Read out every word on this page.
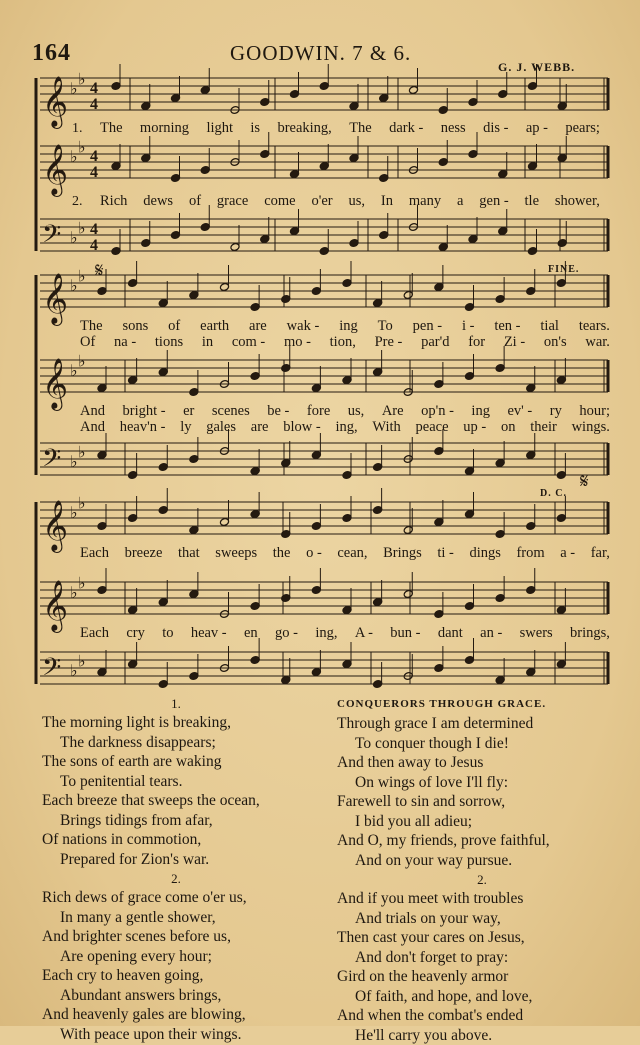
164	GOODWIN. 7 & 6.
G. J. WEBB.
𝄞 ♭
♭
4
4
𝄞 ♭
♭
4
4
𝄢 ♭
♭ 4
4
𝄞 ♭
♭
𝄞 ♭
♭
𝄢 ♭
♭
𝄞 ♭
♭
𝄞 ♭
♭
𝄢 ♭
♭
𝄋
𝄋
FINE.
D. C.
1.
2.
The morning light is breaking, The dark - ness dis - ap - pears;
Rich dews of grace come o'er us, In many a gen - tle shower,
The sons of earth are wak - ing To pen - i - ten - tial tears.
Of na - tions in com - mo - tion, Pre - par'd for Zi - on's war.
And bright - er scenes be - fore us, Are op'n - ing ev' - ry hour;
And heav'n - ly gales are blow - ing, With peace up - on their wings.
Each breeze that sweeps the o - cean, Brings ti - dings from a - far,
Each cry to heav - en go - ing, A - bun - dant an - swers brings,
1.
The morning light is breaking,
The darkness disappears;
The sons of earth are waking
To penitential tears.
Each breeze that sweeps the ocean,
Brings tidings from afar,
Of nations in commotion,
Prepared for Zion's war.
2.
Rich dews of grace come o'er us,
In many a gentle shower,
And brighter scenes before us,
Are opening every hour;
Each cry to heaven going,
Abundant answers brings,
And heavenly gales are blowing,
With peace upon their wings.
CONQUERORS THROUGH GRACE.
Through grace I am determined
To conquer though I die!
And then away to Jesus
On wings of love I'll fly:
Farewell to sin and sorrow,
I bid you all adieu;
And O, my friends, prove faithful,
And on your way pursue.
2.
And if you meet with troubles
And trials on your way,
Then cast your cares on Jesus,
And don't forget to pray:
Gird on the heavenly armor
Of faith, and hope, and love,
And when the combat's ended
He'll carry you above.
